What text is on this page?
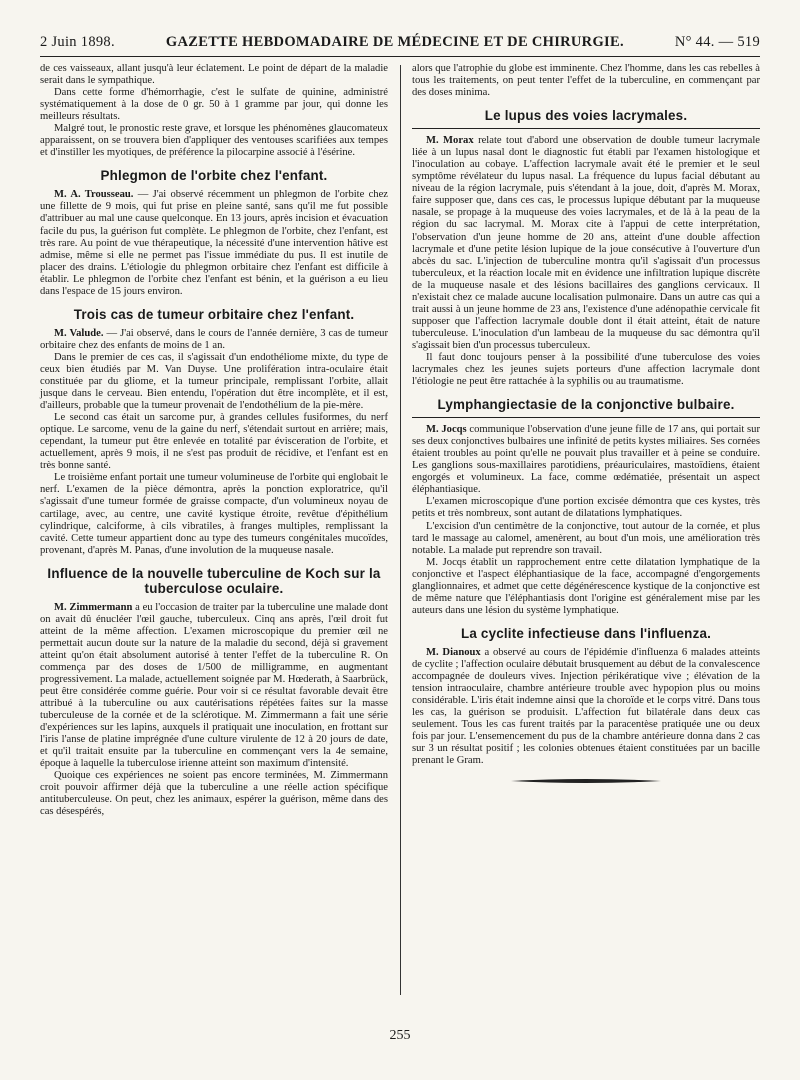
2 Juin 1898.	GAZETTE HEBDOMADAIRE DE MÉDECINE ET DE CHIRURGIE.	N° 44. — 519

de ces vaisseaux, allant jusqu'à leur éclatement. Le point de départ de la maladie serait dans le sympathique.

Dans cette forme d'hémorrhagie, c'est le sulfate de quinine, administré systématiquement à la dose de 0 gr. 50 à 1 gramme par jour, qui donne les meilleurs résultats.

Malgré tout, le pronostic reste grave, et lorsque les phénomènes glaucomateux apparaissent, on se trouvera bien d'appliquer des ventouses scarifiées aux tempes et d'instiller les myotiques, de préférence la pilocarpine associé à l'ésérine.

Phlegmon de l'orbite chez l'enfant.

M. A. Trousseau. — J'ai observé récemment un phlegmon de l'orbite chez une fillette de 9 mois, qui fut prise en pleine santé, sans qu'il me fut possible d'attribuer au mal une cause quelconque. En 13 jours, après incision et évacuation facile du pus, la guérison fut complète. Le phlegmon de l'orbite, chez l'enfant, est très rare. Au point de vue thérapeutique, la nécessité d'une intervention hâtive est admise, même si elle ne permet pas l'issue immédiate du pus. Il est inutile de placer des drains. L'étiologie du phlegmon orbitaire chez l'enfant est difficile à établir. Le phlegmon de l'orbite chez l'enfant est bénin, et la guérison a eu lieu dans l'espace de 15 jours environ.

Trois cas de tumeur orbitaire chez l'enfant.

M. Valude. — J'ai observé, dans le cours de l'année dernière, 3 cas de tumeur orbitaire chez des enfants de moins de 1 an.

Dans le premier de ces cas, il s'agissait d'un endothéliome mixte, du type de ceux bien étudiés par M. Van Duyse. Une prolifération intra-oculaire était constituée par du gliome, et la tumeur principale, remplissant l'orbite, allait jusque dans le cerveau. Bien entendu, l'opération dut être incomplète, et il est, d'ailleurs, probable que la tumeur provenait de l'endothélium de la pie-mère.

Le second cas était un sarcome pur, à grandes cellules fusiformes, du nerf optique. Le sarcome, venu de la gaine du nerf, s'étendait surtout en arrière; mais, cependant, la tumeur put être enlevée en totalité par évisceration de l'orbite, et actuellement, après 9 mois, il ne s'est pas produit de récidive, et l'enfant est en très bonne santé.

Le troisième enfant portait une tumeur volumineuse de l'orbite qui englobait le nerf. L'examen de la pièce démontra, après la ponction exploratrice, qu'il s'agissait d'une tumeur formée de graisse compacte, d'un volumineux noyau de cartilage, avec, au centre, une cavité kystique étroite, revêtue d'épithélium cylindrique, calciforme, à cils vibratiles, à franges multiples, remplissant la cavité. Cette tumeur appartient donc au type des tumeurs congénitales mucoïdes, provenant, d'après M. Panas, d'une involution de la muqueuse nasale.

Influence de la nouvelle tuberculine de Koch sur la tuberculose oculaire.

M. Zimmermann a eu l'occasion de traiter par la tuberculine une malade dont on avait dû énucléer l'œil gauche, tuberculeux. Cinq ans après, l'œil droit fut atteint de la même affection. L'examen microscopique du premier œil ne permettait aucun doute sur la nature de la maladie du second, déjà si gravement atteint qu'on était absolument autorisé à tenter l'effet de la tuberculine R. On commença par des doses de 1/500 de milligramme, en augmentant progressivement. La malade, actuellement soignée par M. Hœderath, à Saarbrück, peut être considérée comme guérie. Pour voir si ce résultat favorable devait être attribué à la tuberculine ou aux cautérisations répétées faites sur la masse tuberculeuse de la cornée et de la sclérotique. M. Zimmermann a fait une série d'expériences sur les lapins, auxquels il pratiquait une inoculation, en frottant sur l'iris l'anse de platine imprégnée d'une culture virulente de 12 à 20 jours de date, et qu'il traitait ensuite par la tuberculine en commençant vers la 4e semaine, époque à laquelle la tuberculose irienne atteint son maximum d'intensité.

Quoique ces expériences ne soient pas encore terminées, M. Zimmermann croit pouvoir affirmer déjà que la tuberculine a une réelle action spécifique antituberculeuse. On peut, chez les animaux, espérer la guérison, même dans des cas désespérés,

alors que l'atrophie du globe est imminente. Chez l'homme, dans les cas rebelles à tous les traitements, on peut tenter l'effet de la tuberculine, en commençant par des doses minima.

Le lupus des voies lacrymales.

M. Morax relate tout d'abord une observation de double tumeur lacrymale liée à un lupus nasal dont le diagnostic fut établi par l'examen histologique et l'inoculation au cobaye. L'affection lacrymale avait été le premier et le seul symptôme révélateur du lupus nasal. La fréquence du lupus facial débutant au niveau de la région lacrymale, puis s'étendant à la joue, doit, d'après M. Morax, faire supposer que, dans ces cas, le processus lupique débutant par la muqueuse nasale, se propage à la muqueuse des voies lacrymales, et de là à la peau de la région du sac lacrymal. M. Morax cite à l'appui de cette interprétation, l'observation d'un jeune homme de 20 ans, atteint d'une double affection lacrymale et d'une petite lésion lupique de la joue consécutive à l'ouverture d'un abcès du sac. L'injection de tuberculine montra qu'il s'agissait d'un processus tuberculeux, et la réaction locale mit en évidence une infiltration lupique discrète de la muqueuse nasale et des lésions bacillaires des ganglions cervicaux. Il n'existait chez ce malade aucune localisation pulmonaire. Dans un autre cas qui a trait aussi à un jeune homme de 23 ans, l'existence d'une adénopathie cervicale fit supposer que l'affection lacrymale double dont il était atteint, était de nature tuberculeuse. L'inoculation d'un lambeau de la muqueuse du sac démontra qu'il s'agissait bien d'un processus tuberculeux.

Il faut donc toujours penser à la possibilité d'une tuberculose des voies lacrymales chez les jeunes sujets porteurs d'une affection lacrymale dont l'étiologie ne peut être rattachée à la syphilis ou au traumatisme.

Lymphangiectasie de la conjonctive bulbaire.

M. Jocqs communique l'observation d'une jeune fille de 17 ans, qui portait sur ses deux conjonctives bulbaires une infinité de petits kystes miliaires. Ses cornées étaient troubles au point qu'elle ne pouvait plus travailler et à peine se conduire. Les ganglions sous-maxillaires parotidiens, préauriculaires, mastoïdiens, étaient engorgés et volumineux. La face, comme œdématiée, présentait un aspect éléphantiasique.

L'examen microscopique d'une portion excisée démontra que ces kystes, très petits et très nombreux, sont autant de dilatations lymphatiques.

L'excision d'un centimètre de la conjonctive, tout autour de la cornée, et plus tard le massage au calomel, amenèrent, au bout d'un mois, une amélioration très notable. La malade put reprendre son travail.

M. Jocqs établit un rapprochement entre cette dilatation lymphatique de la conjonctive et l'aspect éléphantiasique de la face, accompagné d'engorgements glanglionnaires, et admet que cette dégénérescence kystique de la conjonctive est de même nature que l'éléphantiasis dont l'origine est généralement mise par les auteurs dans une lésion du système lymphatique.

La cyclite infectieuse dans l'influenza.

M. Dianoux a observé au cours de l'épidémie d'influenza 6 malades atteints de cyclite ; l'affection oculaire débutait brusquement au début de la convalescence accompagnée de douleurs vives. Injection périkératique vive ; élévation de la tension intraoculaire, chambre antérieure trouble avec hypopion plus ou moins considérable. L'iris était indemne ainsi que la choroïde et le corps vitré. Dans tous les cas, la guérison se produisit. L'affection fut bilatérale dans deux cas seulement. Tous les cas furent traités par la paracentèse pratiquée une ou deux fois par jour. L'ensemencement du pus de la chambre antérieure donna dans 2 cas sur 3 un résultat positif ; les colonies obtenues étaient constituées par un bacille prenant le Gram.

255
